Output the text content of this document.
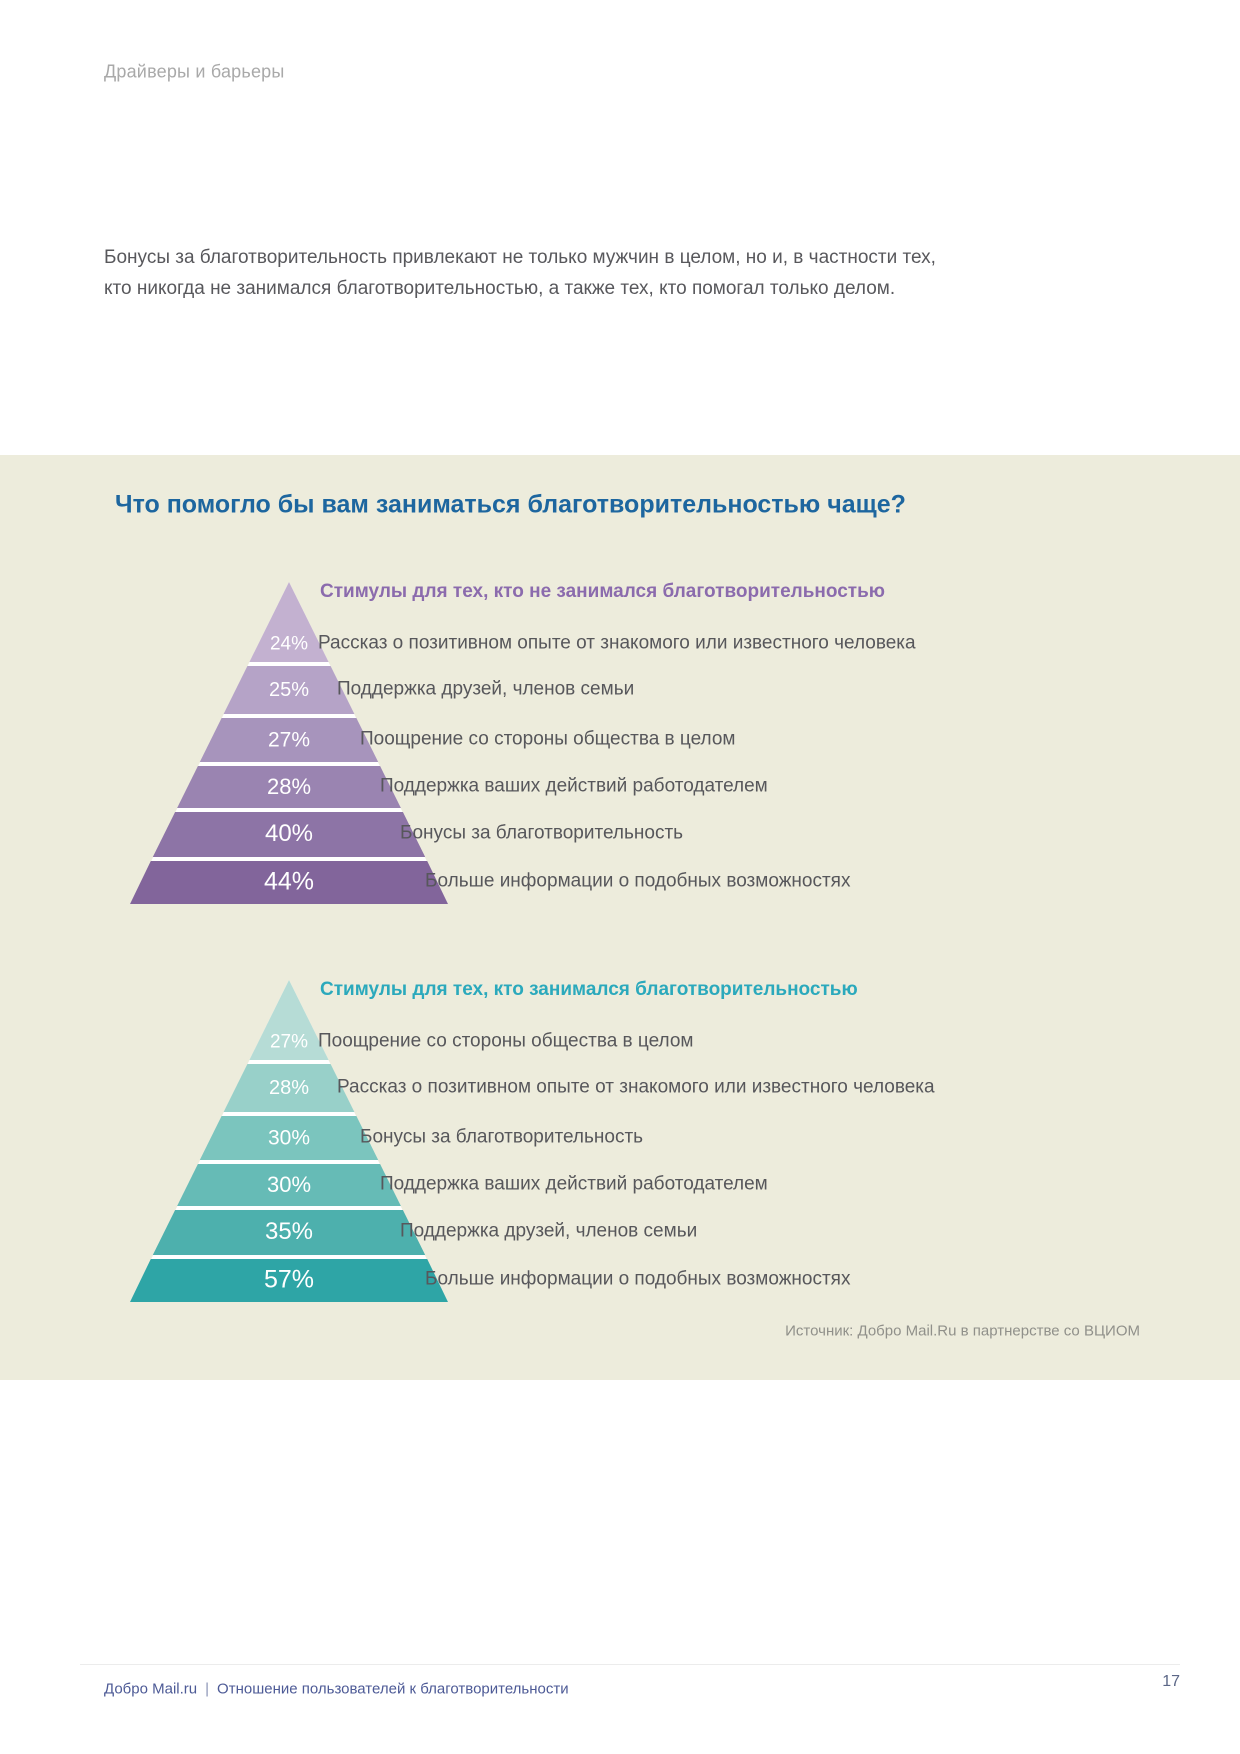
Драйверы и барьеры
Бонусы за благотворительность привлекают не только мужчин в целом, но и, в частности тех, кто никогда не занимался благотворительностью, а также тех, кто помогал только делом.
Что помогло бы вам заниматься благотворительностью чаще?
Стимулы для тех, кто не занимался благотворительностью
24%
25%
27%
28%
40%
44%
Рассказ о позитивном опыте от знакомого или известного человека
Поддержка друзей, членов семьи
Поощрение со стороны общества в целом
Поддержка ваших действий работодателем
Бонусы за благотворительность
Больше информации о подобных возможностях
Стимулы для тех, кто занимался благотворительностью
27%
28%
30%
30%
35%
57%
Поощрение со стороны общества в целом
Рассказ о позитивном опыте от знакомого или известного человека
Бонусы за благотворительность
Поддержка ваших действий работодателем
Поддержка друзей, членов семьи
Больше информации о подобных возможностях
Источник: Добро Mail.Ru в партнерстве со ВЦИОМ
Добро Mail.ru | Отношение пользователей к благотворительности	17
